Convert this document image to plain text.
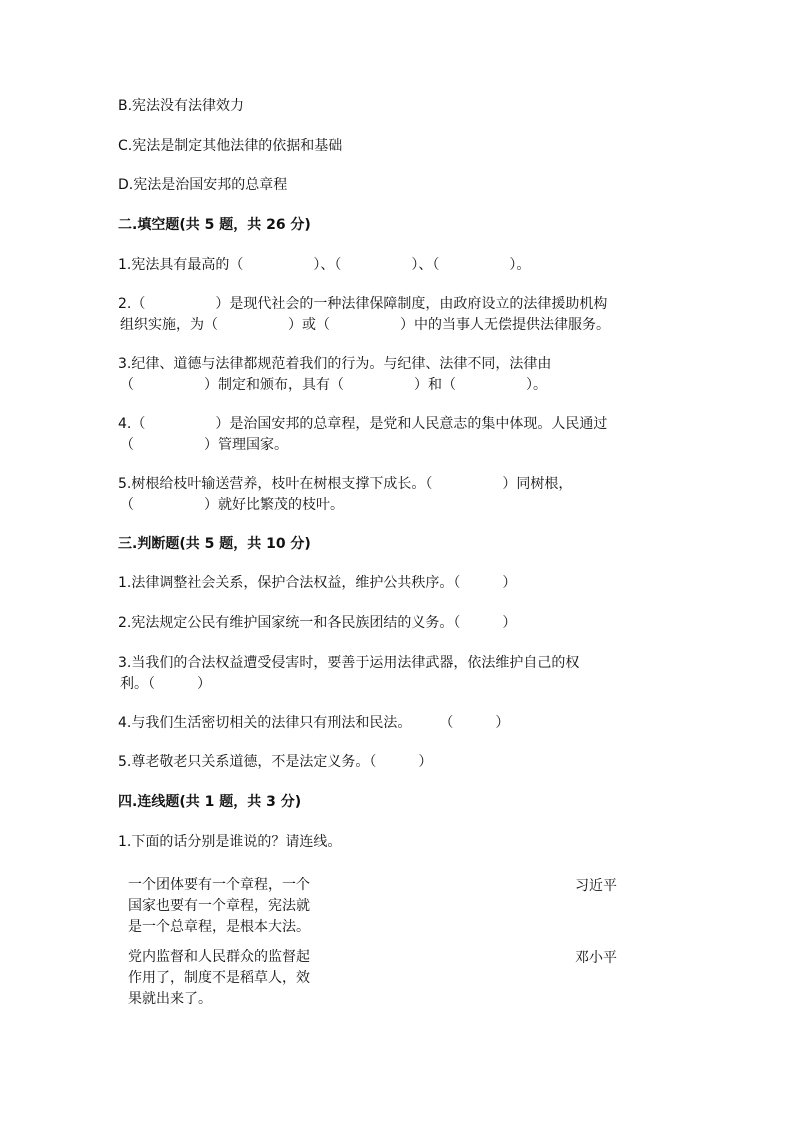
B.宪法没有法律效力
C.宪法是制定其他法律的依据和基础
D.宪法是治国安邦的总章程
二.填空题(共 5 题，共 26 分)
1.宪法具有最高的（　　　　　）、（　　　　　）、（　　　　　）。
2.（　　　　　）是现代社会的一种法律保障制度，由政府设立的法律援助机构
组织实施，为（　　　　　）或（　　　　　）中的当事人无偿提供法律服务。
3.纪律、道德与法律都规范着我们的行为。与纪律、法律不同，法律由
（　　　　　）制定和颁布，具有（　　　　　）和（　　　　　）。
4.（　　　　　）是治国安邦的总章程，是党和人民意志的集中体现。人民通过
（　　　　　）管理国家。
5.树根给枝叶输送营养，枝叶在树根支撑下成长。（　　　　　）同树根，
（　　　　　）就好比繁茂的枝叶。
三.判断题(共 5 题，共 10 分)
1.法律调整社会关系，保护合法权益，维护公共秩序。（　　　）
2.宪法规定公民有维护国家统一和各民族团结的义务。（　　　）
3.当我们的合法权益遭受侵害时，要善于运用法律武器，依法维护自己的权
利。（　　　）
4.与我们生活密切相关的法律只有刑法和民法。　　　（　　　）
5.尊老敬老只关系道德，不是法定义务。（　　　）
四.连线题(共 1 题，共 3 分)
1.下面的话分别是谁说的？请连线。
一个团体要有一个章程，一个
国家也要有一个章程，宪法就
是一个总章程，是根本大法。
习近平
党内监督和人民群众的监督起
作用了，制度不是稻草人，效
果就出来了。
邓小平
